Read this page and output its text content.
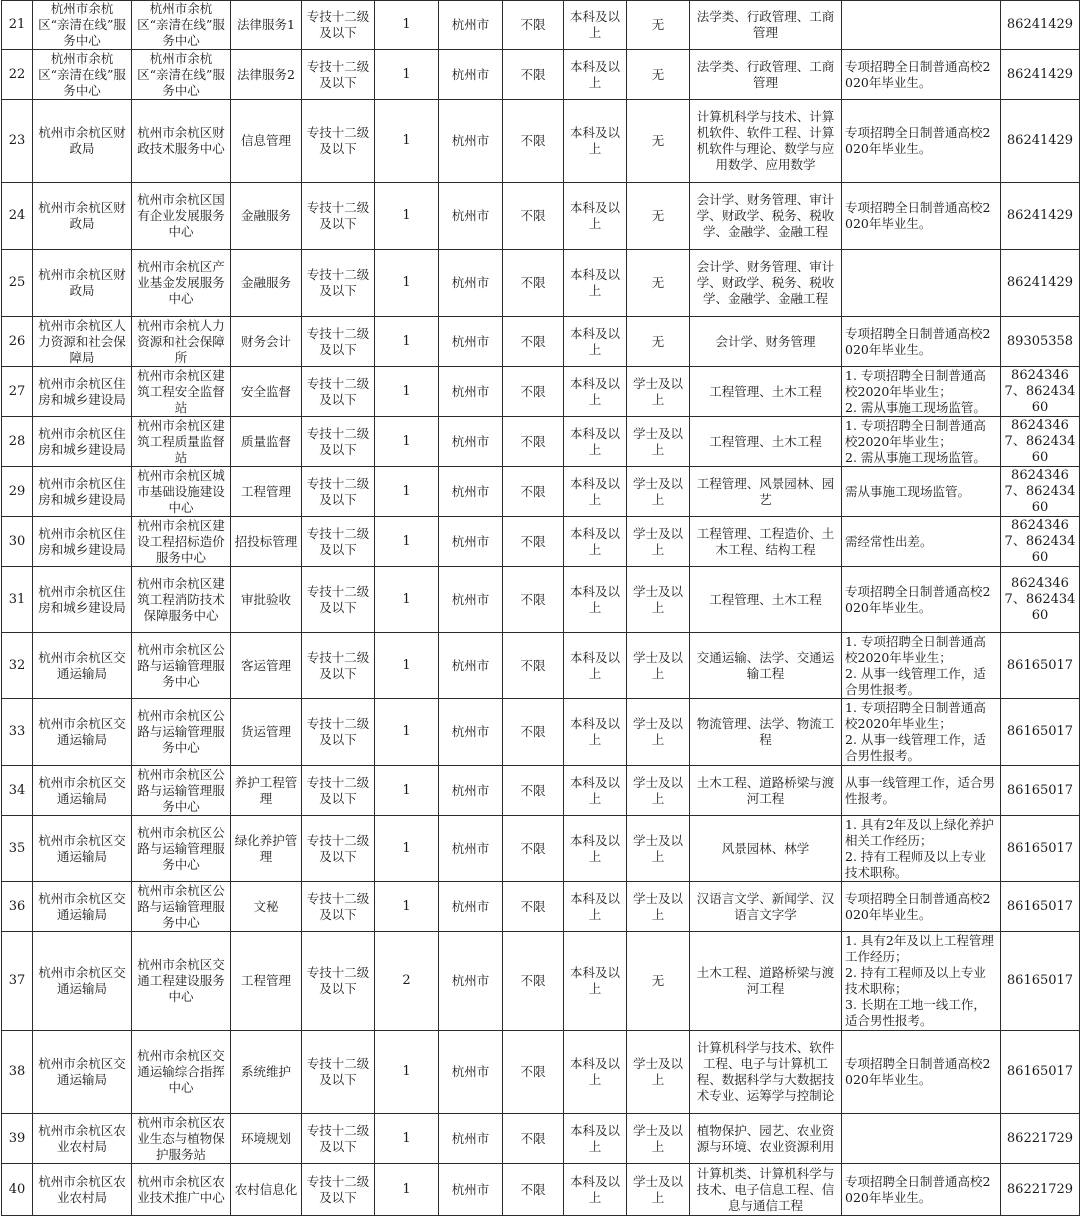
21	杭州市余杭区“亲清在线”服务中心	杭州市余杭区“亲清在线”服务中心	法律服务1	专技十二级及以下	1	杭州市	不限	本科及以上	无	法学类、行政管理、工商管理		86241429

22	杭州市余杭区“亲清在线”服务中心	杭州市余杭区“亲清在线”服务中心	法律服务2	专技十二级及以下	1	杭州市	不限	本科及以上	无	法学类、行政管理、工商管理	专项招聘全日制普通高校2020年毕业生。	86241429

23	杭州市余杭区财政局	杭州市余杭区财政技术服务中心	信息管理	专技十二级及以下	1	杭州市	不限	本科及以上	无	计算机科学与技术、计算机软件、软件工程、计算机软件与理论、数学与应用数学、应用数学	专项招聘全日制普通高校2020年毕业生。	86241429

24	杭州市余杭区财政局	杭州市余杭区国有企业发展服务中心	金融服务	专技十二级及以下	1	杭州市	不限	本科及以上	无	会计学、财务管理、审计学、财政学、税务、税收学、金融学、金融工程	专项招聘全日制普通高校2020年毕业生。	86241429

25	杭州市余杭区财政局	杭州市余杭区产业基金发展服务中心	金融服务	专技十二级及以下	1	杭州市	不限	本科及以上	无	会计学、财务管理、审计学、财政学、税务、税收学、金融学、金融工程		86241429

26	杭州市余杭区人力资源和社会保障局	杭州市余杭人力资源和社会保障所	财务会计	专技十二级及以下	1	杭州市	不限	本科及以上	无	会计学、财务管理	专项招聘全日制普通高校2020年毕业生。	89305358

27	杭州市余杭区住房和城乡建设局	杭州市余杭区建筑工程安全监督站	安全监督	专技十二级及以下	1	杭州市	不限	本科及以上	学士及以上	工程管理、土木工程	1. 专项招聘全日制普通高校2020年毕业生；
2. 需从事施工现场监管。	86243467、86243460

28	杭州市余杭区住房和城乡建设局	杭州市余杭区建筑工程质量监督站	质量监督	专技十二级及以下	1	杭州市	不限	本科及以上	学士及以上	工程管理、土木工程	1. 专项招聘全日制普通高校2020年毕业生；
2. 需从事施工现场监管。	86243467、86243460

29	杭州市余杭区住房和城乡建设局	杭州市余杭区城市基础设施建设中心	工程管理	专技十二级及以下	1	杭州市	不限	本科及以上	学士及以上	工程管理、风景园林、园艺	需从事施工现场监管。	86243467、86243460

30	杭州市余杭区住房和城乡建设局	杭州市余杭区建设工程招标造价服务中心	招投标管理	专技十二级及以下	1	杭州市	不限	本科及以上	学士及以上	工程管理、工程造价、土木工程、结构工程	需经常性出差。	86243467、86243460

31	杭州市余杭区住房和城乡建设局	杭州市余杭区建筑工程消防技术保障服务中心	审批验收	专技十二级及以下	1	杭州市	不限	本科及以上	学士及以上	工程管理、土木工程	专项招聘全日制普通高校2020年毕业生。	86243467、86243460

32	杭州市余杭区交通运输局	杭州市余杭区公路与运输管理服务中心	客运管理	专技十二级及以下	1	杭州市	不限	本科及以上	学士及以上	交通运输、法学、交通运输工程	1. 专项招聘全日制普通高校2020年毕业生；
2. 从事一线管理工作，适合男性报考。	86165017

33	杭州市余杭区交通运输局	杭州市余杭区公路与运输管理服务中心	货运管理	专技十二级及以下	1	杭州市	不限	本科及以上	学士及以上	物流管理、法学、物流工程	1. 专项招聘全日制普通高校2020年毕业生；
2. 从事一线管理工作，适合男性报考。	86165017

34	杭州市余杭区交通运输局	杭州市余杭区公路与运输管理服务中心	养护工程管理	专技十二级及以下	1	杭州市	不限	本科及以上	学士及以上	土木工程、道路桥梁与渡河工程	从事一线管理工作，适合男性报考。	86165017

35	杭州市余杭区交通运输局	杭州市余杭区公路与运输管理服务中心	绿化养护管理	专技十二级及以下	1	杭州市	不限	本科及以上	学士及以上	风景园林、林学	1. 具有2年及以上绿化养护相关工作经历；
2. 持有工程师及以上专业技术职称。	86165017

36	杭州市余杭区交通运输局	杭州市余杭区公路与运输管理服务中心	文秘	专技十二级及以下	1	杭州市	不限	本科及以上	学士及以上	汉语言文学、新闻学、汉语言文字学	专项招聘全日制普通高校2020年毕业生。	86165017

37	杭州市余杭区交通运输局	杭州市余杭区交通工程建设服务中心	工程管理	专技十二级及以下	2	杭州市	不限	本科及以上	无	土木工程、道路桥梁与渡河工程	1. 具有2年及以上工程管理工作经历；
2. 持有工程师及以上专业技术职称；
3. 长期在工地一线工作，适合男性报考。	86165017

38	杭州市余杭区交通运输局	杭州市余杭区交通运输综合指挥中心	系统维护	专技十二级及以下	1	杭州市	不限	本科及以上	学士及以上	计算机科学与技术、软件工程、电子与计算机工程、数据科学与大数据技术专业、运筹学与控制论	专项招聘全日制普通高校2020年毕业生。	86165017

39	杭州市余杭区农业农村局	杭州市余杭区农业生态与植物保护服务站	环境规划	专技十二级及以下	1	杭州市	不限	本科及以上	学士及以上	植物保护、园艺、农业资源与环境、农业资源利用		86221729

40	杭州市余杭区农业农村局	杭州市余杭区农业技术推广中心	农村信息化	专技十二级及以下	1	杭州市	不限	本科及以上	学士及以上	计算机类、计算机科学与技术、电子信息工程、信息与通信工程	专项招聘全日制普通高校2020年毕业生。	86221729
